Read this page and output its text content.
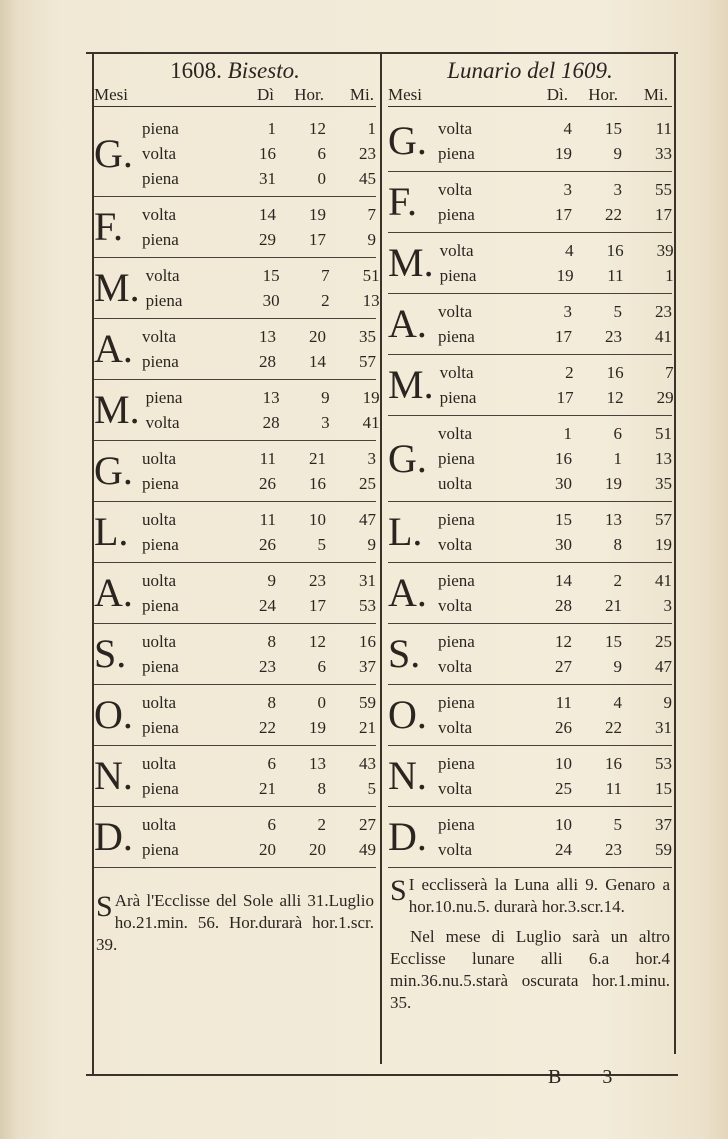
1608. Bisesto.
Mesi	Dì	Hor.	Mi.
G.
piena	1	12	1
volta	16	6	23
piena	31	0	45
F.	volta	14	19	7
piena	29	17	9
M. volta	15	7	51
piena	30	2	13
A. volta	13	20	35
piena	28	14	57
M. piena	13	9	19
volta	28	3	41
G. uolta	11	21	3
piena	26	16	25
L. uolta	11	10	47
piena	26	5	9
A. uolta	9	23	31
piena	24	17	53
S. uolta	8	12	16
piena	23	6	37
O. uolta	8	0	59
piena	22	19	21
N. uolta	6	13	43
piena	21	8	5
D. uolta	6	2	27
piena	20	20	49
S Arà l'Ecclisse del Sole alli 31.Luglio ho.21.min. 56. Hor.durarà hor.1.scr. 39.
Lunario del 1609.
Mesi	Dì.	Hor.	Mi.
G. volta	4	15	11
piena	19	9	33
F.	volta	3	3	55
piena	17	22	17
M. volta	4	16	39
piena	19	11	1
A. volta	3	5	23
piena	17	23	41
M. volta	2	16	7
piena	17	12	29
G.
volta	1	6	51
piena	16	1	13
uolta	30	19	35
L. piena	15	13	57
volta	30	8	19
A. piena	14	2	41
volta	28	21	3
S.	piena	12	15	25
volta	27	9	47
O. piena	11	4	9
volta	26	22	31
N. piena	10	16	53
volta	25	11	15
D. piena	10	5	37
volta	24	23	59
S I ecclisserà la Luna alli 9. Genaro a hor.10.nu.5. durarà hor.3.scr.14.
Nel mese di Luglio sarà un altro Ecclisse lunare alli 6.a hor.4 min.36.nu.5.starà oscurata hor.1.minu. 35.
B 3
